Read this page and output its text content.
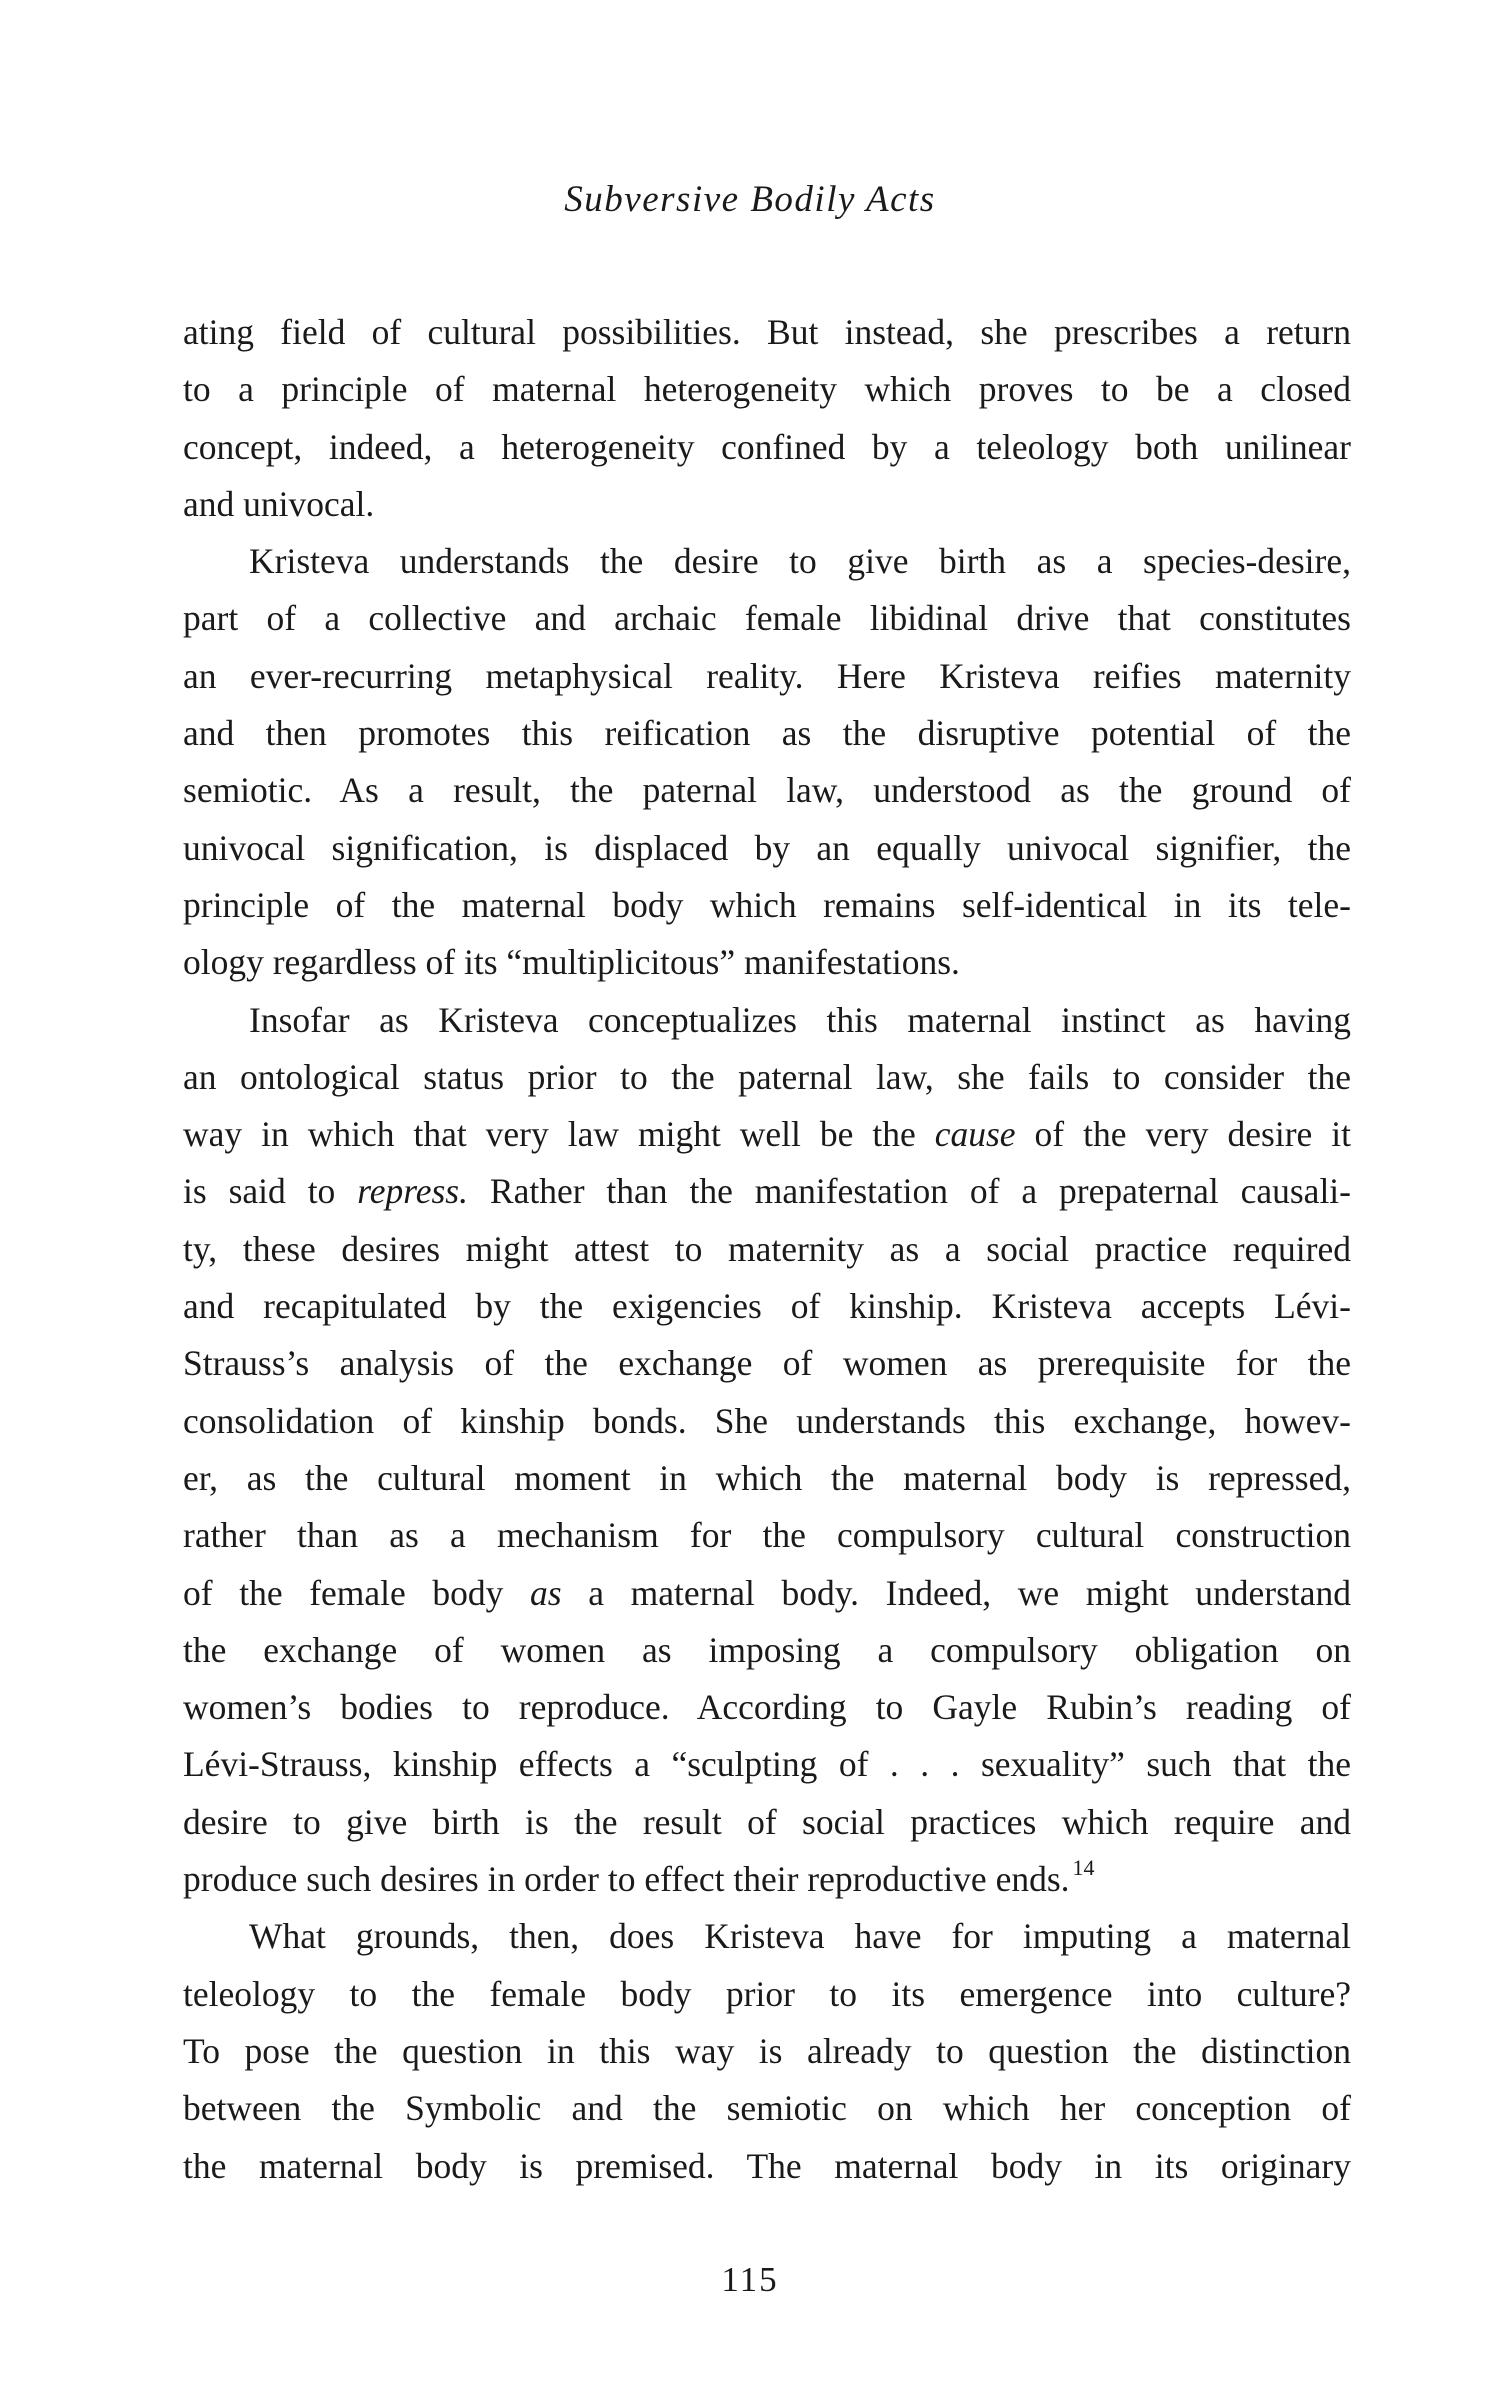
Subversive Bodily Acts
ating field of cultural possibilities. But instead, she prescribes a return
to a principle of maternal heterogeneity which proves to be a closed
concept, indeed, a heterogeneity confined by a teleology both unilinear
and univocal.
Kristeva understands the desire to give birth as a species-desire,
part of a collective and archaic female libidinal drive that constitutes
an ever-recurring metaphysical reality. Here Kristeva reifies maternity
and then promotes this reification as the disruptive potential of the
semiotic. As a result, the paternal law, understood as the ground of
univocal signification, is displaced by an equally univocal signifier, the
principle of the maternal body which remains self-identical in its tele-
ology regardless of its “multiplicitous” manifestations.
Insofar as Kristeva conceptualizes this maternal instinct as having
an ontological status prior to the paternal law, she fails to consider the
way in which that very law might well be the cause of the very desire it
is said to repress. Rather than the manifestation of a prepaternal causali-
ty, these desires might attest to maternity as a social practice required
and recapitulated by the exigencies of kinship. Kristeva accepts Lévi-
Strauss’s analysis of the exchange of women as prerequisite for the
consolidation of kinship bonds. She understands this exchange, howev-
er, as the cultural moment in which the maternal body is repressed,
rather than as a mechanism for the compulsory cultural construction
of the female body as a maternal body. Indeed, we might understand
the exchange of women as imposing a compulsory obligation on
women’s bodies to reproduce. According to Gayle Rubin’s reading of
Lévi-Strauss, kinship effects a “sculpting of . . . sexuality” such that the
desire to give birth is the result of social practices which require and
produce such desires in order to effect their reproductive ends. $^{14}$
What grounds, then, does Kristeva have for imputing a maternal
teleology to the female body prior to its emergence into culture?
To pose the question in this way is already to question the distinction
between the Symbolic and the semiotic on which her conception of
the maternal body is premised. The maternal body in its originary
115
